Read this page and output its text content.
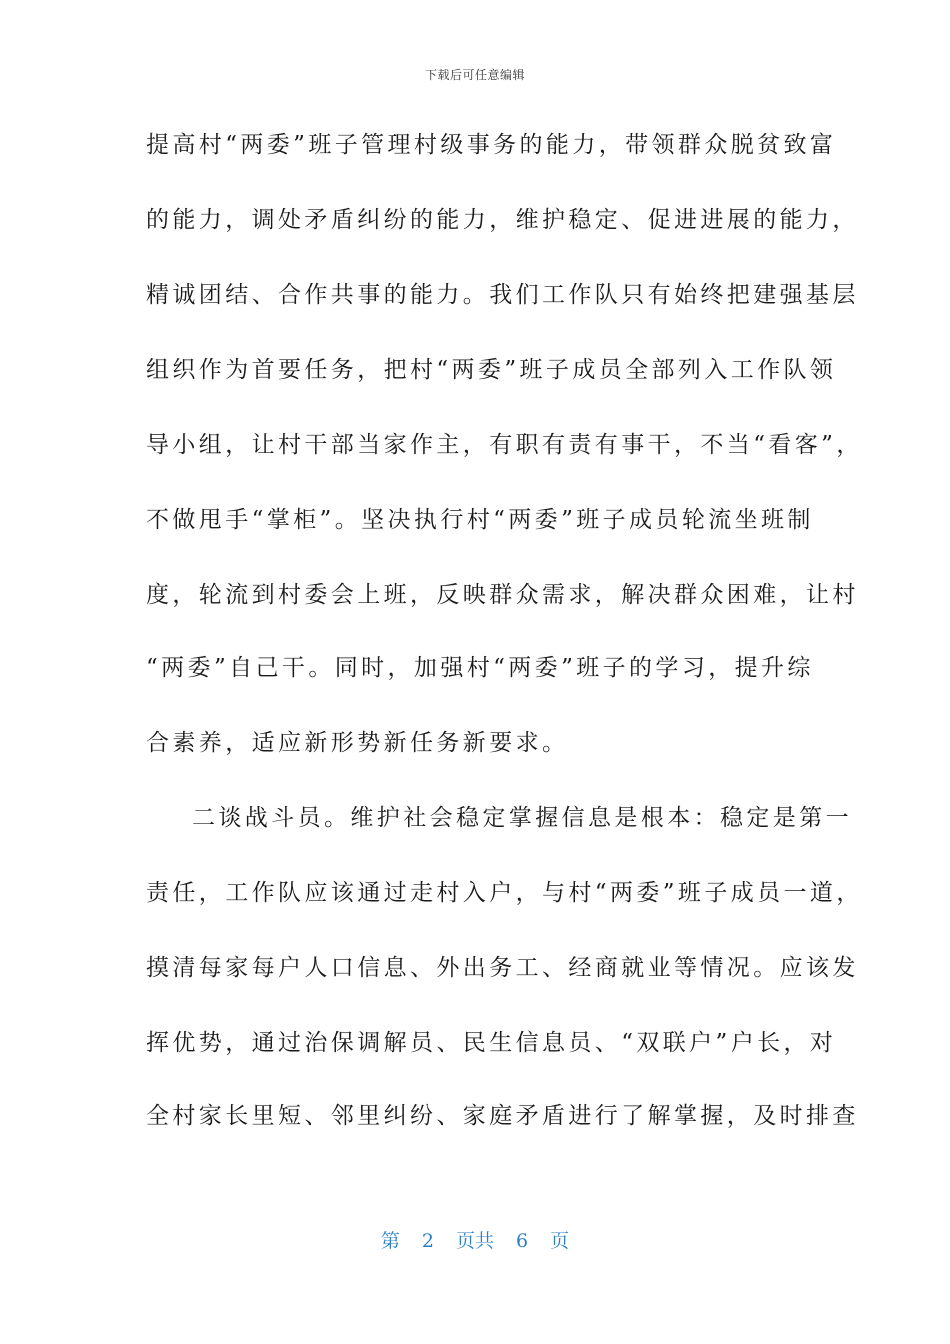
下载后可任意编辑
提高村“两委”班子管理村级事务的能力，带领群众脱贫致富
的能力，调处矛盾纠纷的能力，维护稳定、促进进展的能力，
精诚团结、合作共事的能力。我们工作队只有始终把建强基层
组织作为首要任务，把村“两委”班子成员全部列入工作队领
导小组，让村干部当家作主，有职有责有事干，不当“看客”，
不做甩手“掌柜”。坚决执行村“两委”班子成员轮流坐班制
度，轮流到村委会上班，反映群众需求，解决群众困难，让村
“两委”自己干。同时，加强村“两委”班子的学习，提升综
合素养，适应新形势新任务新要求。
二谈战斗员。维护社会稳定掌握信息是根本：稳定是第一
责任，工作队应该通过走村入户，与村“两委”班子成员一道，
摸清每家每户人口信息、外出务工、经商就业等情况。应该发
挥优势，通过治保调解员、民生信息员、“双联户”户长，对
全村家长里短、邻里纠纷、家庭矛盾进行了解掌握，及时排查
第 2 页共 6 页
